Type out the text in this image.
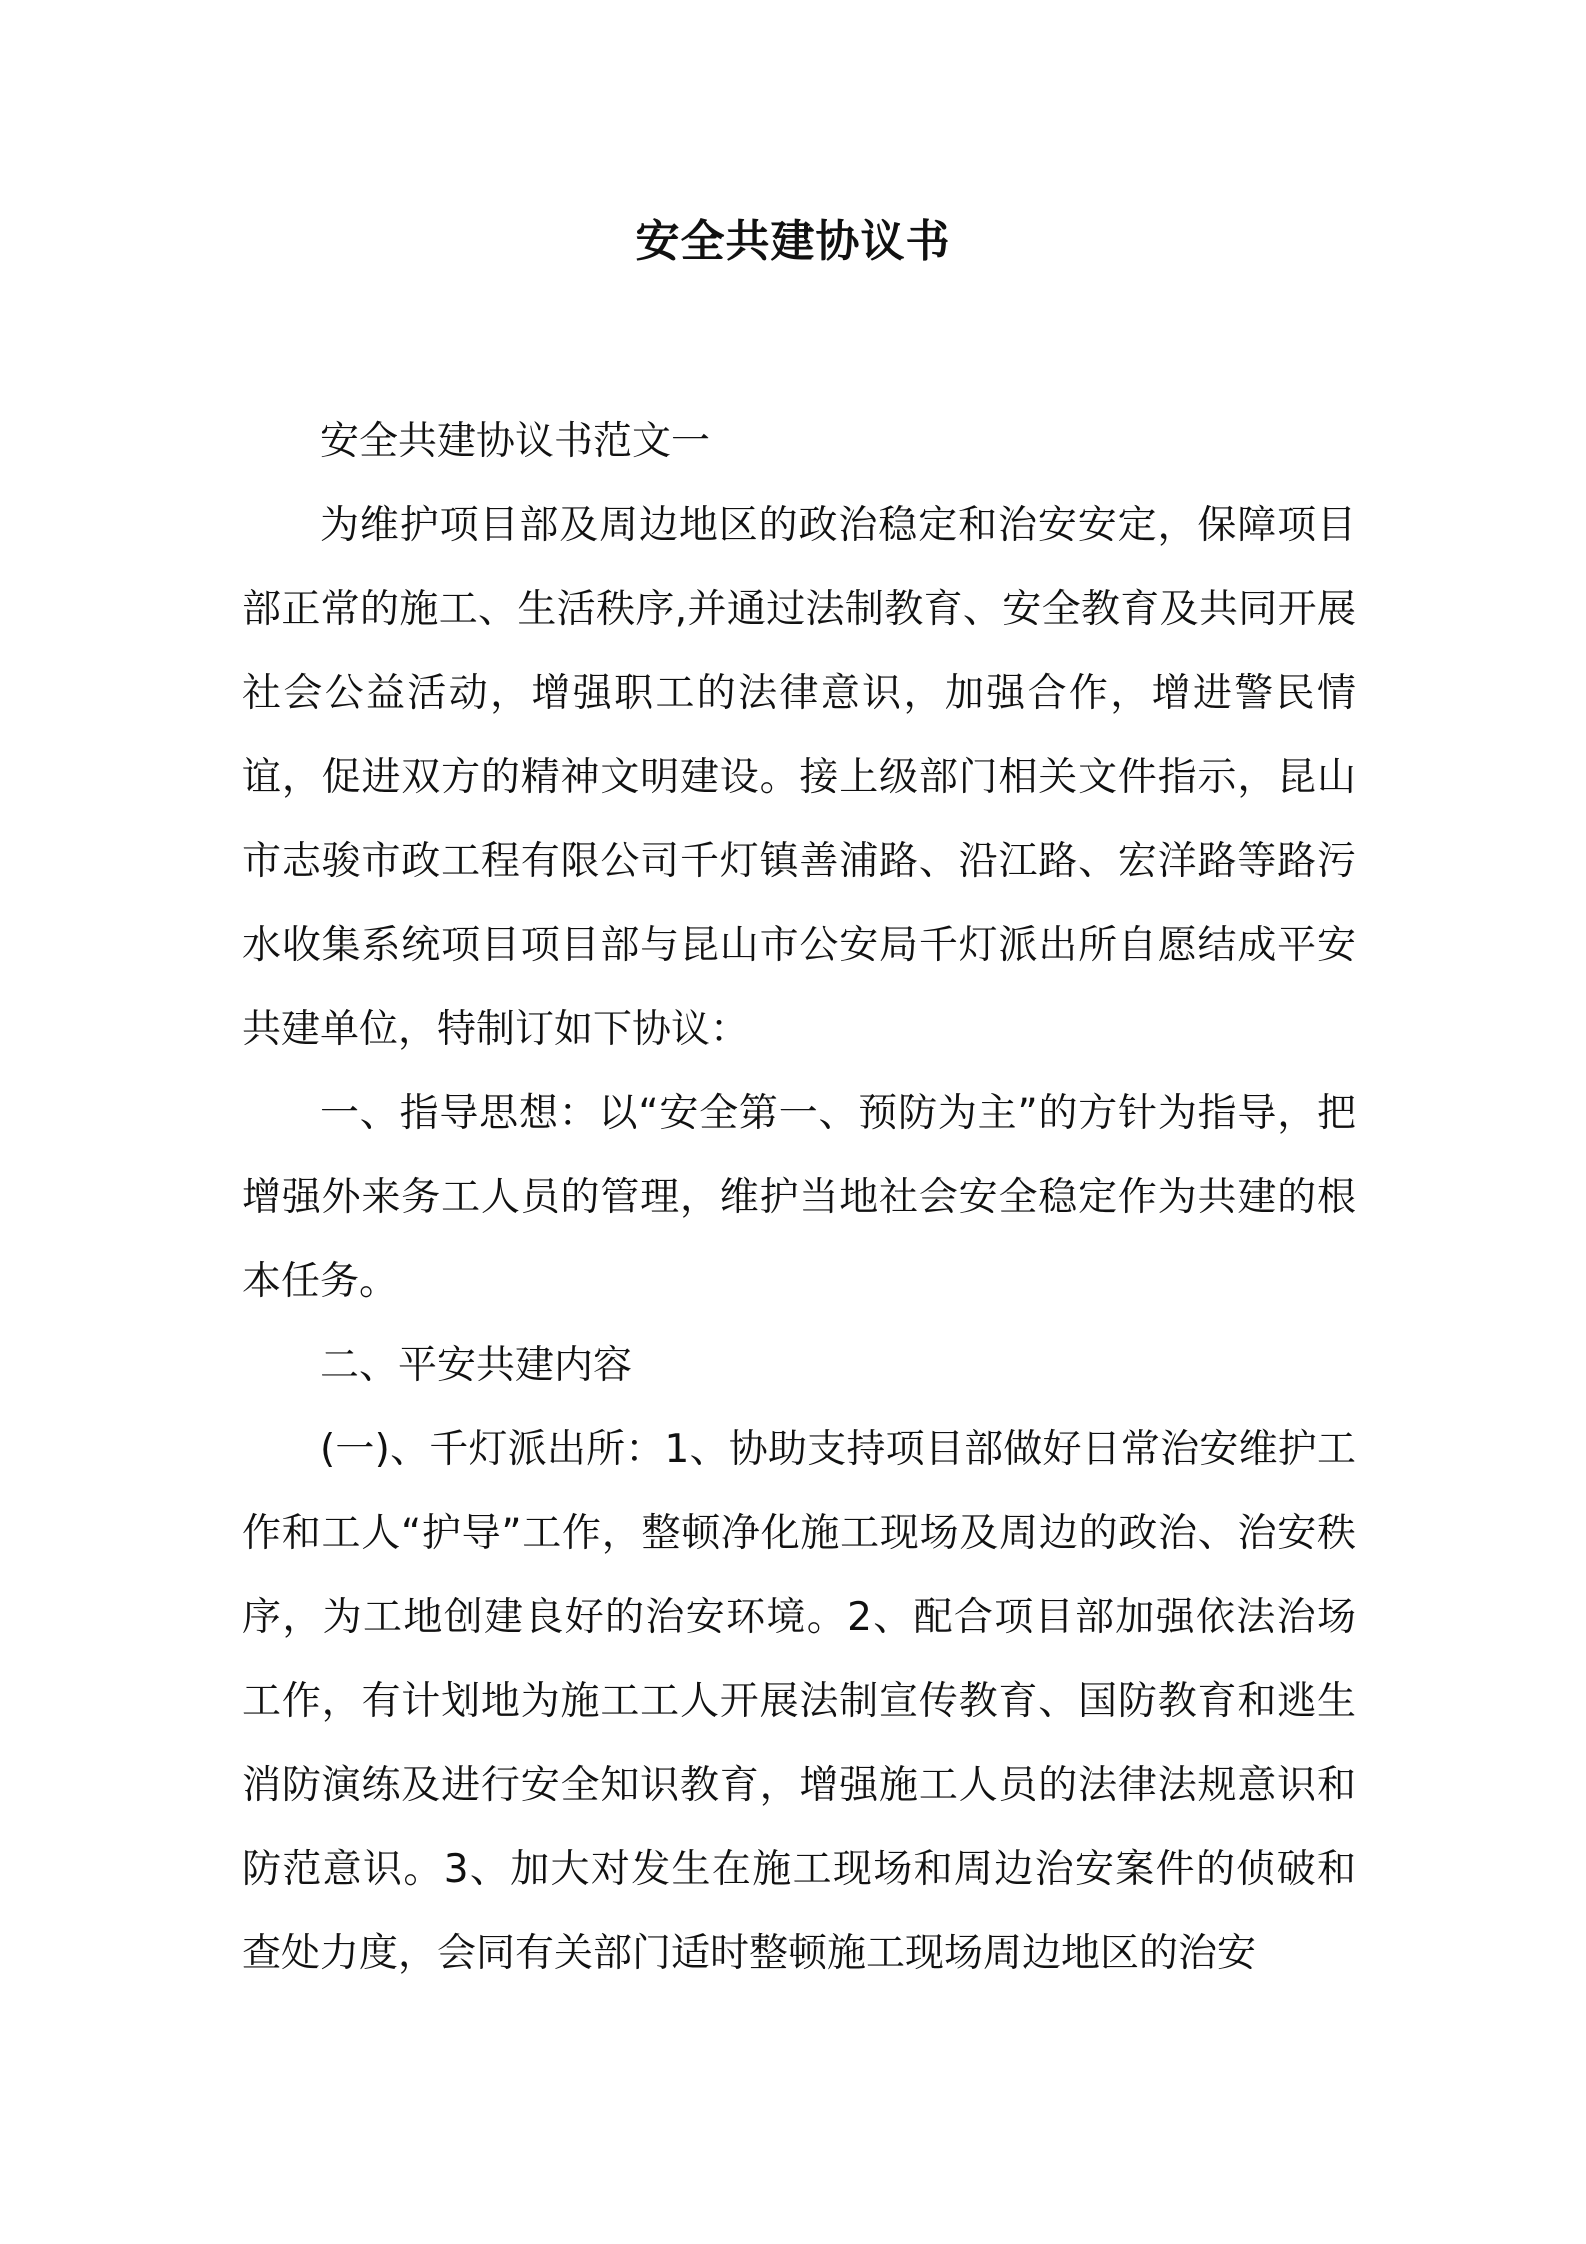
安全共建协议书

安全共建协议书范文一

为维护项目部及周边地区的政治稳定和治安安定，保障项目部正常的施工、生活秩序,并通过法制教育、安全教育及共同开展社会公益活动，增强职工的法律意识，加强合作，增进警民情谊，促进双方的精神文明建设。接上级部门相关文件指示，昆山市志骏市政工程有限公司千灯镇善浦路、沿江路、宏洋路等路污水收集系统项目项目部与昆山市公安局千灯派出所自愿结成平安共建单位，特制订如下协议：

一、指导思想：以“安全第一、预防为主”的方针为指导，把增强外来务工人员的管理，维护当地社会安全稳定作为共建的根本任务。

二、平安共建内容

(一)、千灯派出所：1、协助支持项目部做好日常治安维护工作和工人“护导”工作，整顿净化施工现场及周边的政治、治安秩序，为工地创建良好的治安环境。2、配合项目部加强依法治场工作，有计划地为施工工人开展法制宣传教育、国防教育和逃生消防演练及进行安全知识教育，增强施工人员的法律法规意识和防范意识。3、加大对发生在施工现场和周边治安案件的侦破和查处力度，会同有关部门适时整顿施工现场周边地区的治安
